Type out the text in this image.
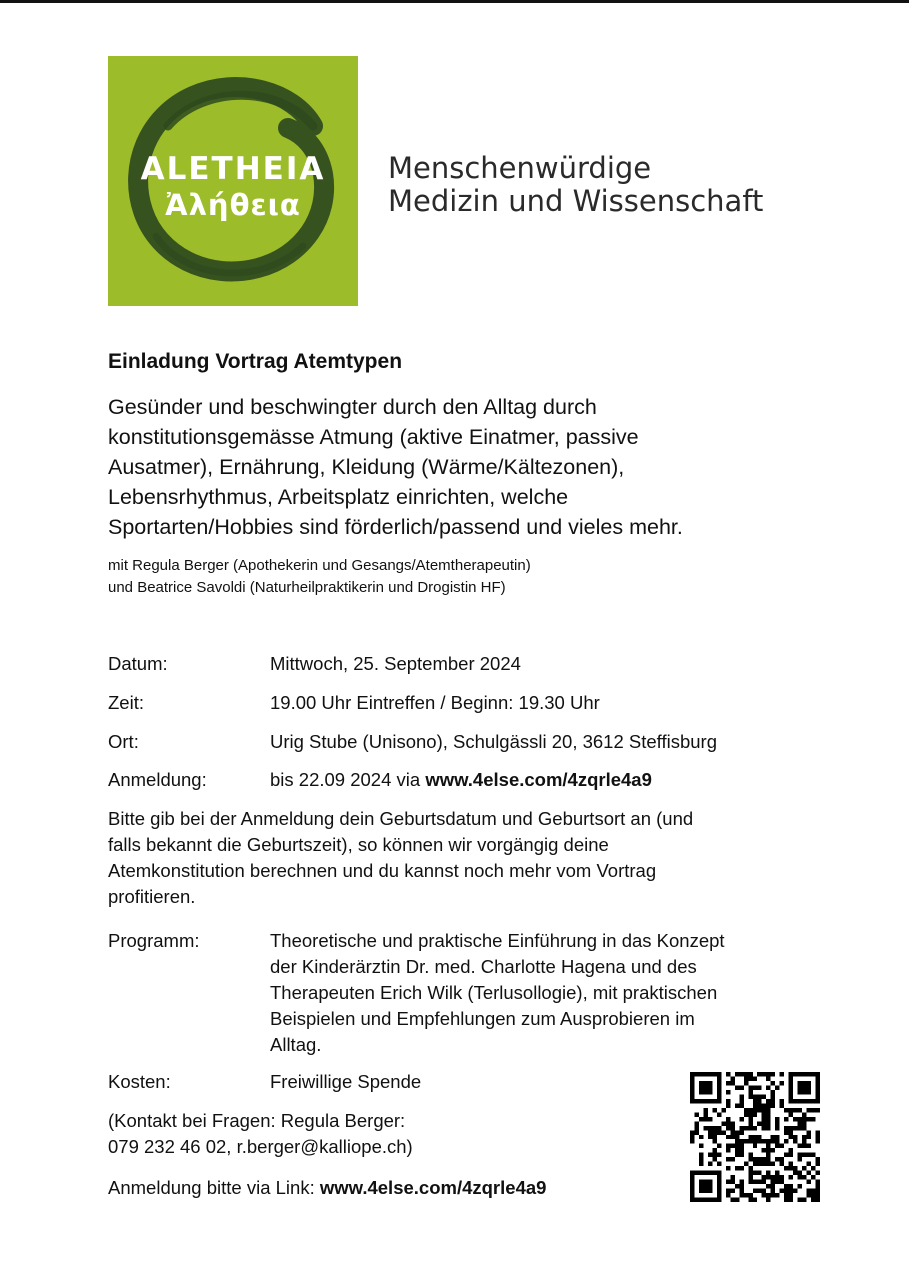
ALETHEIA
Ἀλήθεια
Menschenwürdige
Medizin und Wissenschaft
Einladung Vortrag Atemtypen
Gesünder und beschwingter durch den Alltag durch
konstitutionsgemässe Atmung (aktive Einatmer, passive
Ausatmer), Ernährung, Kleidung (Wärme/Kältezonen),
Lebensrhythmus, Arbeitsplatz einrichten, welche
Sportarten/Hobbies sind förderlich/passend und vieles mehr.
mit Regula Berger (Apothekerin und Gesangs/Atemtherapeutin)
und Beatrice Savoldi (Naturheilpraktikerin und Drogistin HF)
Datum:	Mittwoch, 25. September 2024
Zeit:	19.00 Uhr Eintreffen / Beginn: 19.30 Uhr
Ort:	Urig Stube (Unisono), Schulgässli 20, 3612 Steffisburg
Anmeldung:	bis 22.09 2024 via www.4else.com/4zqrle4a9
Bitte gib bei der Anmeldung dein Geburtsdatum und Geburtsort an (und
falls bekannt die Geburtszeit), so können wir vorgängig deine
Atemkonstitution berechnen und du kannst noch mehr vom Vortrag
profitieren.
Programm:	Theoretische und praktische Einführung in das Konzept
der Kinderärztin Dr. med. Charlotte Hagena und des
Therapeuten Erich Wilk (Terlusollogie), mit praktischen
Beispielen und Empfehlungen zum Ausprobieren im
Alltag.
Kosten:	Freiwillige Spende
(Kontakt bei Fragen: Regula Berger:
079 232 46 02, r.berger@kalliope.ch)
Anmeldung bitte via Link: www.4else.com/4zqrle4a9
